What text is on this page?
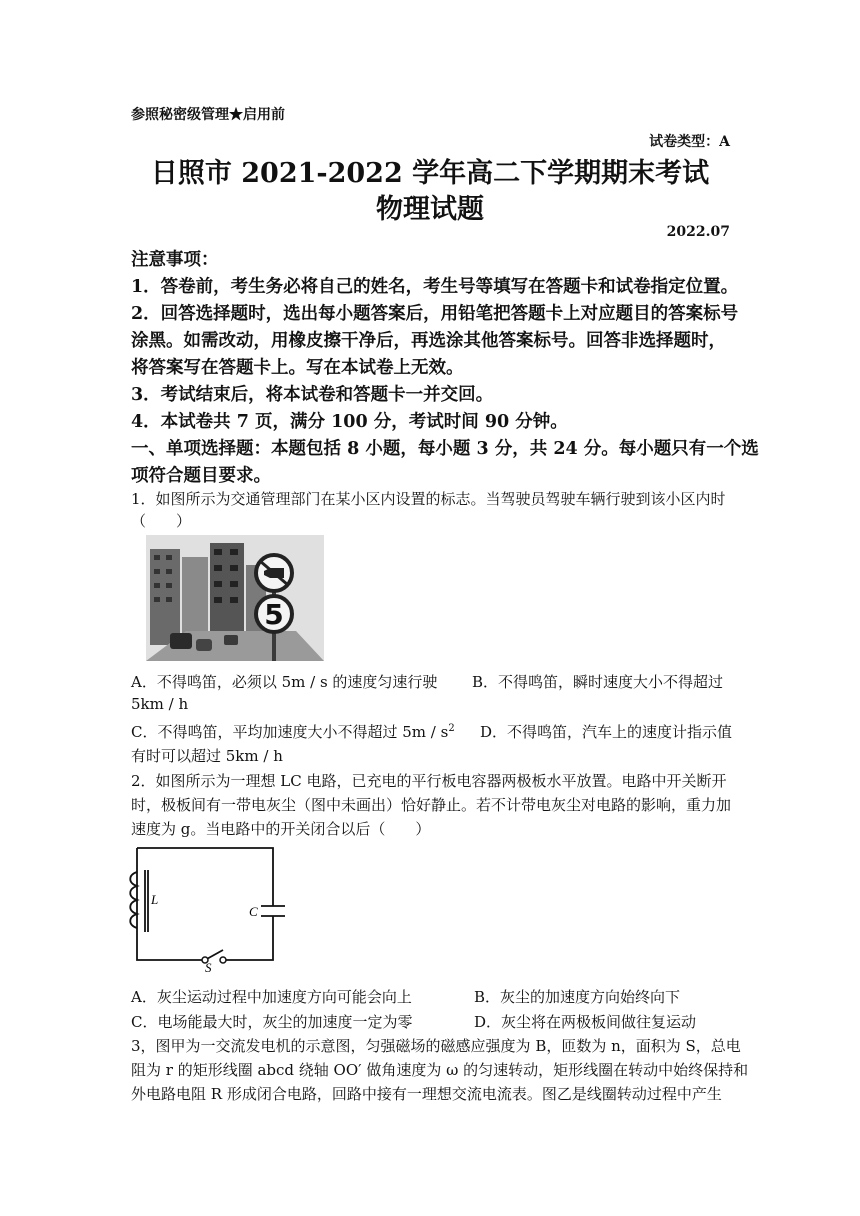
参照秘密级管理★启用前
试卷类型：A
日照市 2021-2022 学年高二下学期期末考试
物理试题
2022.07
注意事项：
1．答卷前，考生务必将自己的姓名，考生号等填写在答题卡和试卷指定位置。
2．回答选择题时，选出每小题答案后，用铅笔把答题卡上对应题目的答案标号
涂黑。如需改动，用橡皮擦干净后，再选涂其他答案标号。回答非选择题时，
将答案写在答题卡上。写在本试卷上无效。
3．考试结束后，将本试卷和答题卡一并交回。
4．本试卷共 7 页，满分 100 分，考试时间 90 分钟。
一、单项选择题：本题包括 8 小题，每小题 3 分，共 24 分。每小题只有一个选
项符合题目要求。
1．如图所示为交通管理部门在某小区内设置的标志。当驾驶员驾驶车辆行驶到该小区内时
（　　）
5
A．不得鸣笛，必须以 5m / s 的速度匀速行驶 B．不得鸣笛，瞬时速度大小不得超过
5km / h
C．不得鸣笛，平均加速度大小不得超过 $5m / s^2$ D．不得鸣笛，汽车上的速度计指示值
有时可以超过 5km / h
2．如图所示为一理想 LC 电路，已充电的平行板电容器两极板水平放置。电路中开关断开
时，极板间有一带电灰尘（图中未画出）恰好静止。若不计带电灰尘对电路的影响，重力加
速度为 g。当电路中的开关闭合以后（　　）
L
C
S
A．灰尘运动过程中加速度方向可能会向上	B．灰尘的加速度方向始终向下
C．电场能最大时，灰尘的加速度一定为零	D．灰尘将在两极板间做往复运动
3，图甲为一交流发电机的示意图，匀强磁场的磁感应强度为 B，匝数为 n，面积为 S，总电
阻为 r 的矩形线圈 abcd 绕轴 OO′ 做角速度为 ω 的匀速转动，矩形线圈在转动中始终保持和
外电路电阻 R 形成闭合电路，回路中接有一理想交流电流表。图乙是线圈转动过程中产生
